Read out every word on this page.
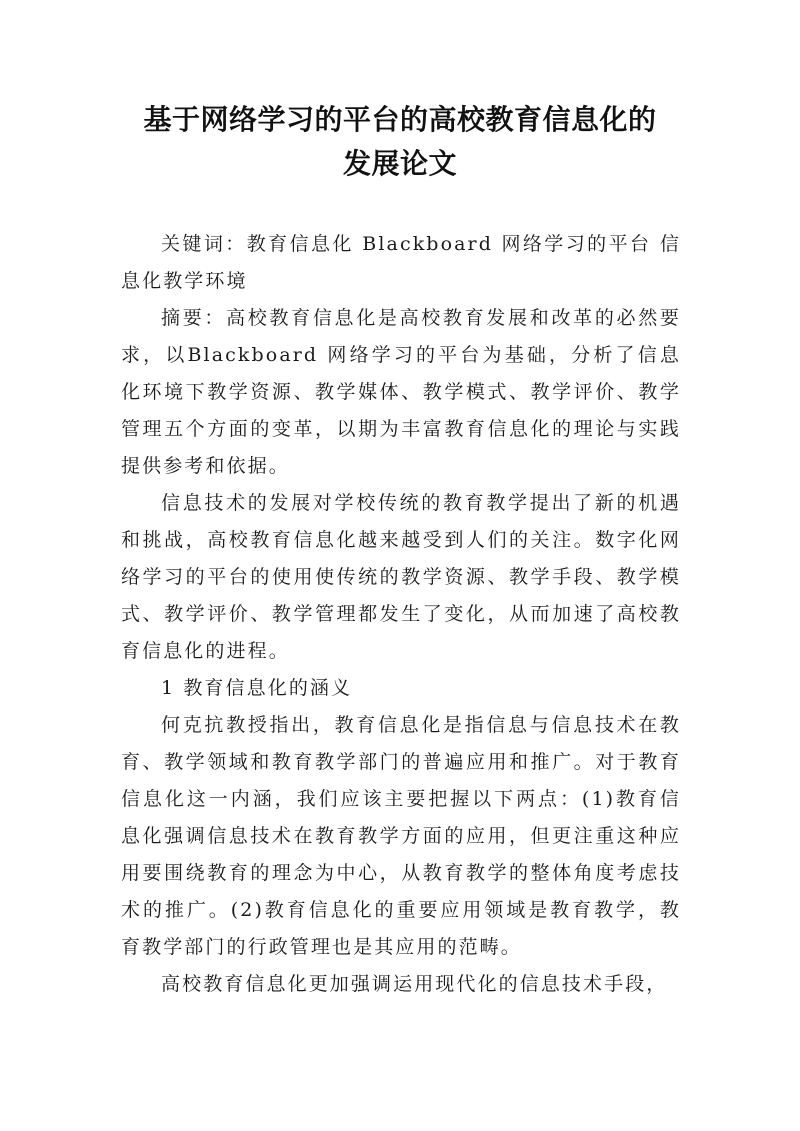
基于网络学习的平台的高校教育信息化的
发展论文

关键词：教育信息化 Blackboard 网络学习的平台 信息化教学环境

摘要：高校教育信息化是高校教育发展和改革的必然要求，以Blackboard 网络学习的平台为基础，分析了信息化环境下教学资源、教学媒体、教学模式、教学评价、教学管理五个方面的变革，以期为丰富教育信息化的理论与实践提供参考和依据。

信息技术的发展对学校传统的教育教学提出了新的机遇和挑战，高校教育信息化越来越受到人们的关注。数字化网络学习的平台的使用使传统的教学资源、教学手段、教学模式、教学评价、教学管理都发生了变化，从而加速了高校教育信息化的进程。

1 教育信息化的涵义

何克抗教授指出，教育信息化是指信息与信息技术在教育、教学领域和教育教学部门的普遍应用和推广。对于教育信息化这一内涵，我们应该主要把握以下两点：(1)教育信息化强调信息技术在教育教学方面的应用，但更注重这种应用要围绕教育的理念为中心，从教育教学的整体角度考虑技术的推广。(2)教育信息化的重要应用领域是教育教学，教育教学部门的行政管理也是其应用的范畴。

高校教育信息化更加强调运用现代化的信息技术手段，
